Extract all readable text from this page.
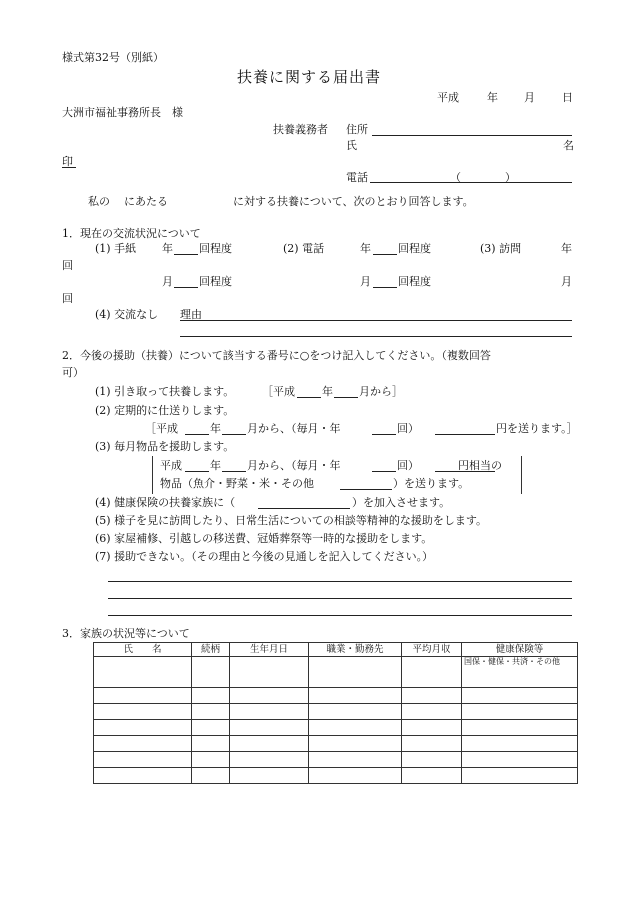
様式第32号（別紙）
扶養に関する届出書
平成	年 月 日
大洲市福祉事務所長　様
扶養義務者 住所
氏	名
印
電話	（	）
私の にあたる	に対する扶養について、次のとおり回答します。
1．現在の交流状況について
(1) 手紙 年 回程度	(2) 電話	年 回程度	(3) 訪問	年
回
月 回程度	月 回程度	月
回
(4) 交流なし 理由
2．今後の援助（扶養）について該当する番号に○をつけ記入してください。（複数回答
可）
(1) 引き取って扶養します。	［平成 年 月から］
(2) 定期的に仕送りします。
［平成	年 月から、（毎月・年	回）	円を送ります。］
(3) 毎月物品を援助します。
平成	年 月から、（毎月・年	回）	円相当の
物品（魚介・野菜・米・その他	）を送ります。
(4) 健康保険の扶養家族に（	）を加入させます。
(5) 様子を見に訪問したり、日常生活についての相談等精神的な援助をします。
(6) 家屋補修、引越しの移送費、冠婚葬祭等一時的な援助をします。
(7) 援助できない。（その理由と今後の見通しを記入してください。）
3．家族の状況等について
氏　　名	続柄	生年月日	職業・勤務先	平均月収	健康保険等
					国保・健保・共済・その他
